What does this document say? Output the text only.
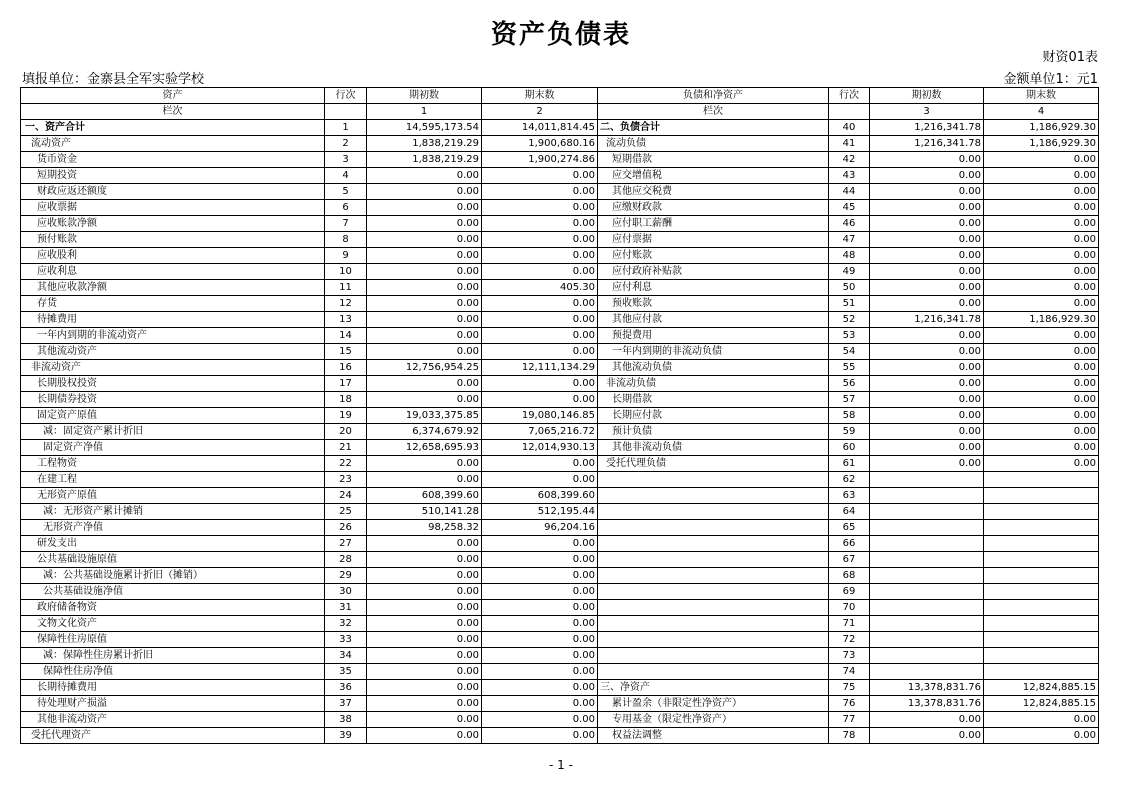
资产负债表
财资01表
填报单位：金寨县全军实验学校	金额单位1：元1
资产	行次	期初数	期末数	负债和净资产	行次	期初数	期末数
栏次		1	2	栏次		3	4
一、资产合计	1	14,595,173.54	14,011,814.45	二、负债合计	40	1,216,341.78	1,186,929.30
流动资产	2	1,838,219.29	1,900,680.16	流动负债	41	1,216,341.78	1,186,929.30
货币资金	3	1,838,219.29	1,900,274.86	短期借款	42	0.00	0.00
短期投资	4	0.00	0.00	应交增值税	43	0.00	0.00
财政应返还额度	5	0.00	0.00	其他应交税费	44	0.00	0.00
应收票据	6	0.00	0.00	应缴财政款	45	0.00	0.00
应收账款净额	7	0.00	0.00	应付职工薪酬	46	0.00	0.00
预付账款	8	0.00	0.00	应付票据	47	0.00	0.00
应收股利	9	0.00	0.00	应付账款	48	0.00	0.00
应收利息	10	0.00	0.00	应付政府补贴款	49	0.00	0.00
其他应收款净额	11	0.00	405.30	应付利息	50	0.00	0.00
存货	12	0.00	0.00	预收账款	51	0.00	0.00
待摊费用	13	0.00	0.00	其他应付款	52	1,216,341.78	1,186,929.30
一年内到期的非流动资产	14	0.00	0.00	预提费用	53	0.00	0.00
其他流动资产	15	0.00	0.00	一年内到期的非流动负债	54	0.00	0.00
非流动资产	16	12,756,954.25	12,111,134.29	其他流动负债	55	0.00	0.00
长期股权投资	17	0.00	0.00	非流动负债	56	0.00	0.00
长期债券投资	18	0.00	0.00	长期借款	57	0.00	0.00
固定资产原值	19	19,033,375.85	19,080,146.85	长期应付款	58	0.00	0.00
减：固定资产累计折旧	20	6,374,679.92	7,065,216.72	预计负债	59	0.00	0.00
固定资产净值	21	12,658,695.93	12,014,930.13	其他非流动负债	60	0.00	0.00
工程物资	22	0.00	0.00	受托代理负债	61	0.00	0.00
在建工程	23	0.00	0.00		62		
无形资产原值	24	608,399.60	608,399.60		63		
减：无形资产累计摊销	25	510,141.28	512,195.44		64		
无形资产净值	26	98,258.32	96,204.16		65		
研发支出	27	0.00	0.00		66		
公共基础设施原值	28	0.00	0.00		67		
减：公共基础设施累计折旧（摊销）	29	0.00	0.00		68		
公共基础设施净值	30	0.00	0.00		69		
政府储备物资	31	0.00	0.00		70		
文物文化资产	32	0.00	0.00		71		
保障性住房原值	33	0.00	0.00		72		
减：保障性住房累计折旧	34	0.00	0.00		73		
保障性住房净值	35	0.00	0.00		74		
长期待摊费用	36	0.00	0.00	三、净资产	75	13,378,831.76	12,824,885.15
待处理财产损溢	37	0.00	0.00	累计盈余（非限定性净资产）	76	13,378,831.76	12,824,885.15
其他非流动资产	38	0.00	0.00	专用基金（限定性净资产）	77	0.00	0.00
受托代理资产	39	0.00	0.00	权益法调整	78	0.00	0.00
- 1 -
